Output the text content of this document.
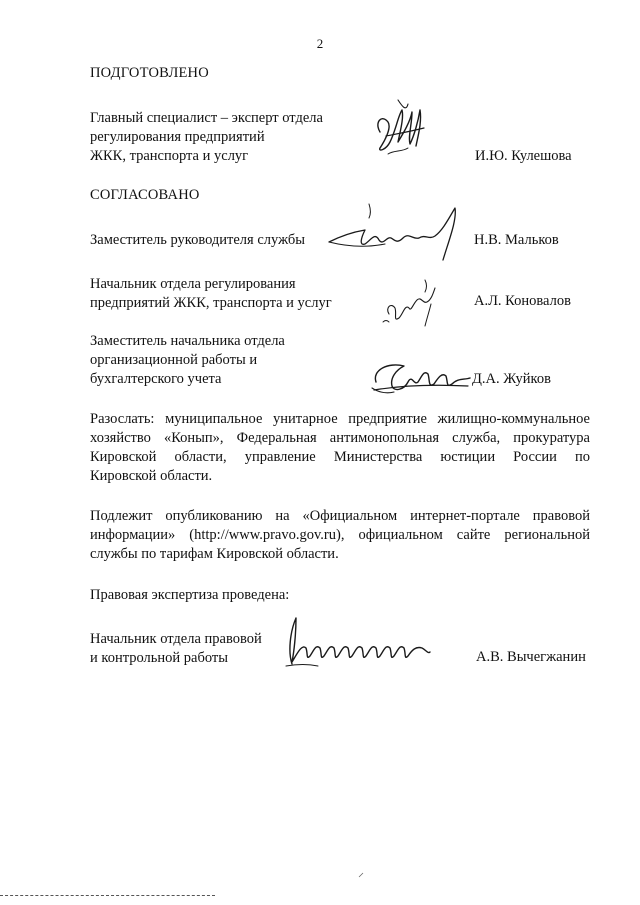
2
ПОДГОТОВЛЕНО
Главный специалист – эксперт отдела
регулирования предприятий
ЖКК, транспорта и услуг	И.Ю. Кулешова
СОГЛАСОВАНО
Заместитель руководителя службы	Н.В. Мальков
Начальник отдела регулирования
предприятий ЖКК, транспорта и услуг	А.Л. Коновалов
Заместитель начальника отдела
организационной работы и
бухгалтерского учета	Д.А. Жуйков
Разослать: муниципальное унитарное предприятие жилищно-коммунальное
хозяйство «Конып», Федеральная антимонопольная служба, прокуратура
Кировской области, управление Министерства юстиции России по
Кировской области.
Подлежит опубликованию на «Официальном интернет-портале правовой
информации» (http://www.pravo.gov.ru), официальном сайте региональной
службы по тарифам Кировской области.
Правовая экспертиза проведена:
Начальник отдела правовой
и контрольной работы	А.В. Вычегжанин
